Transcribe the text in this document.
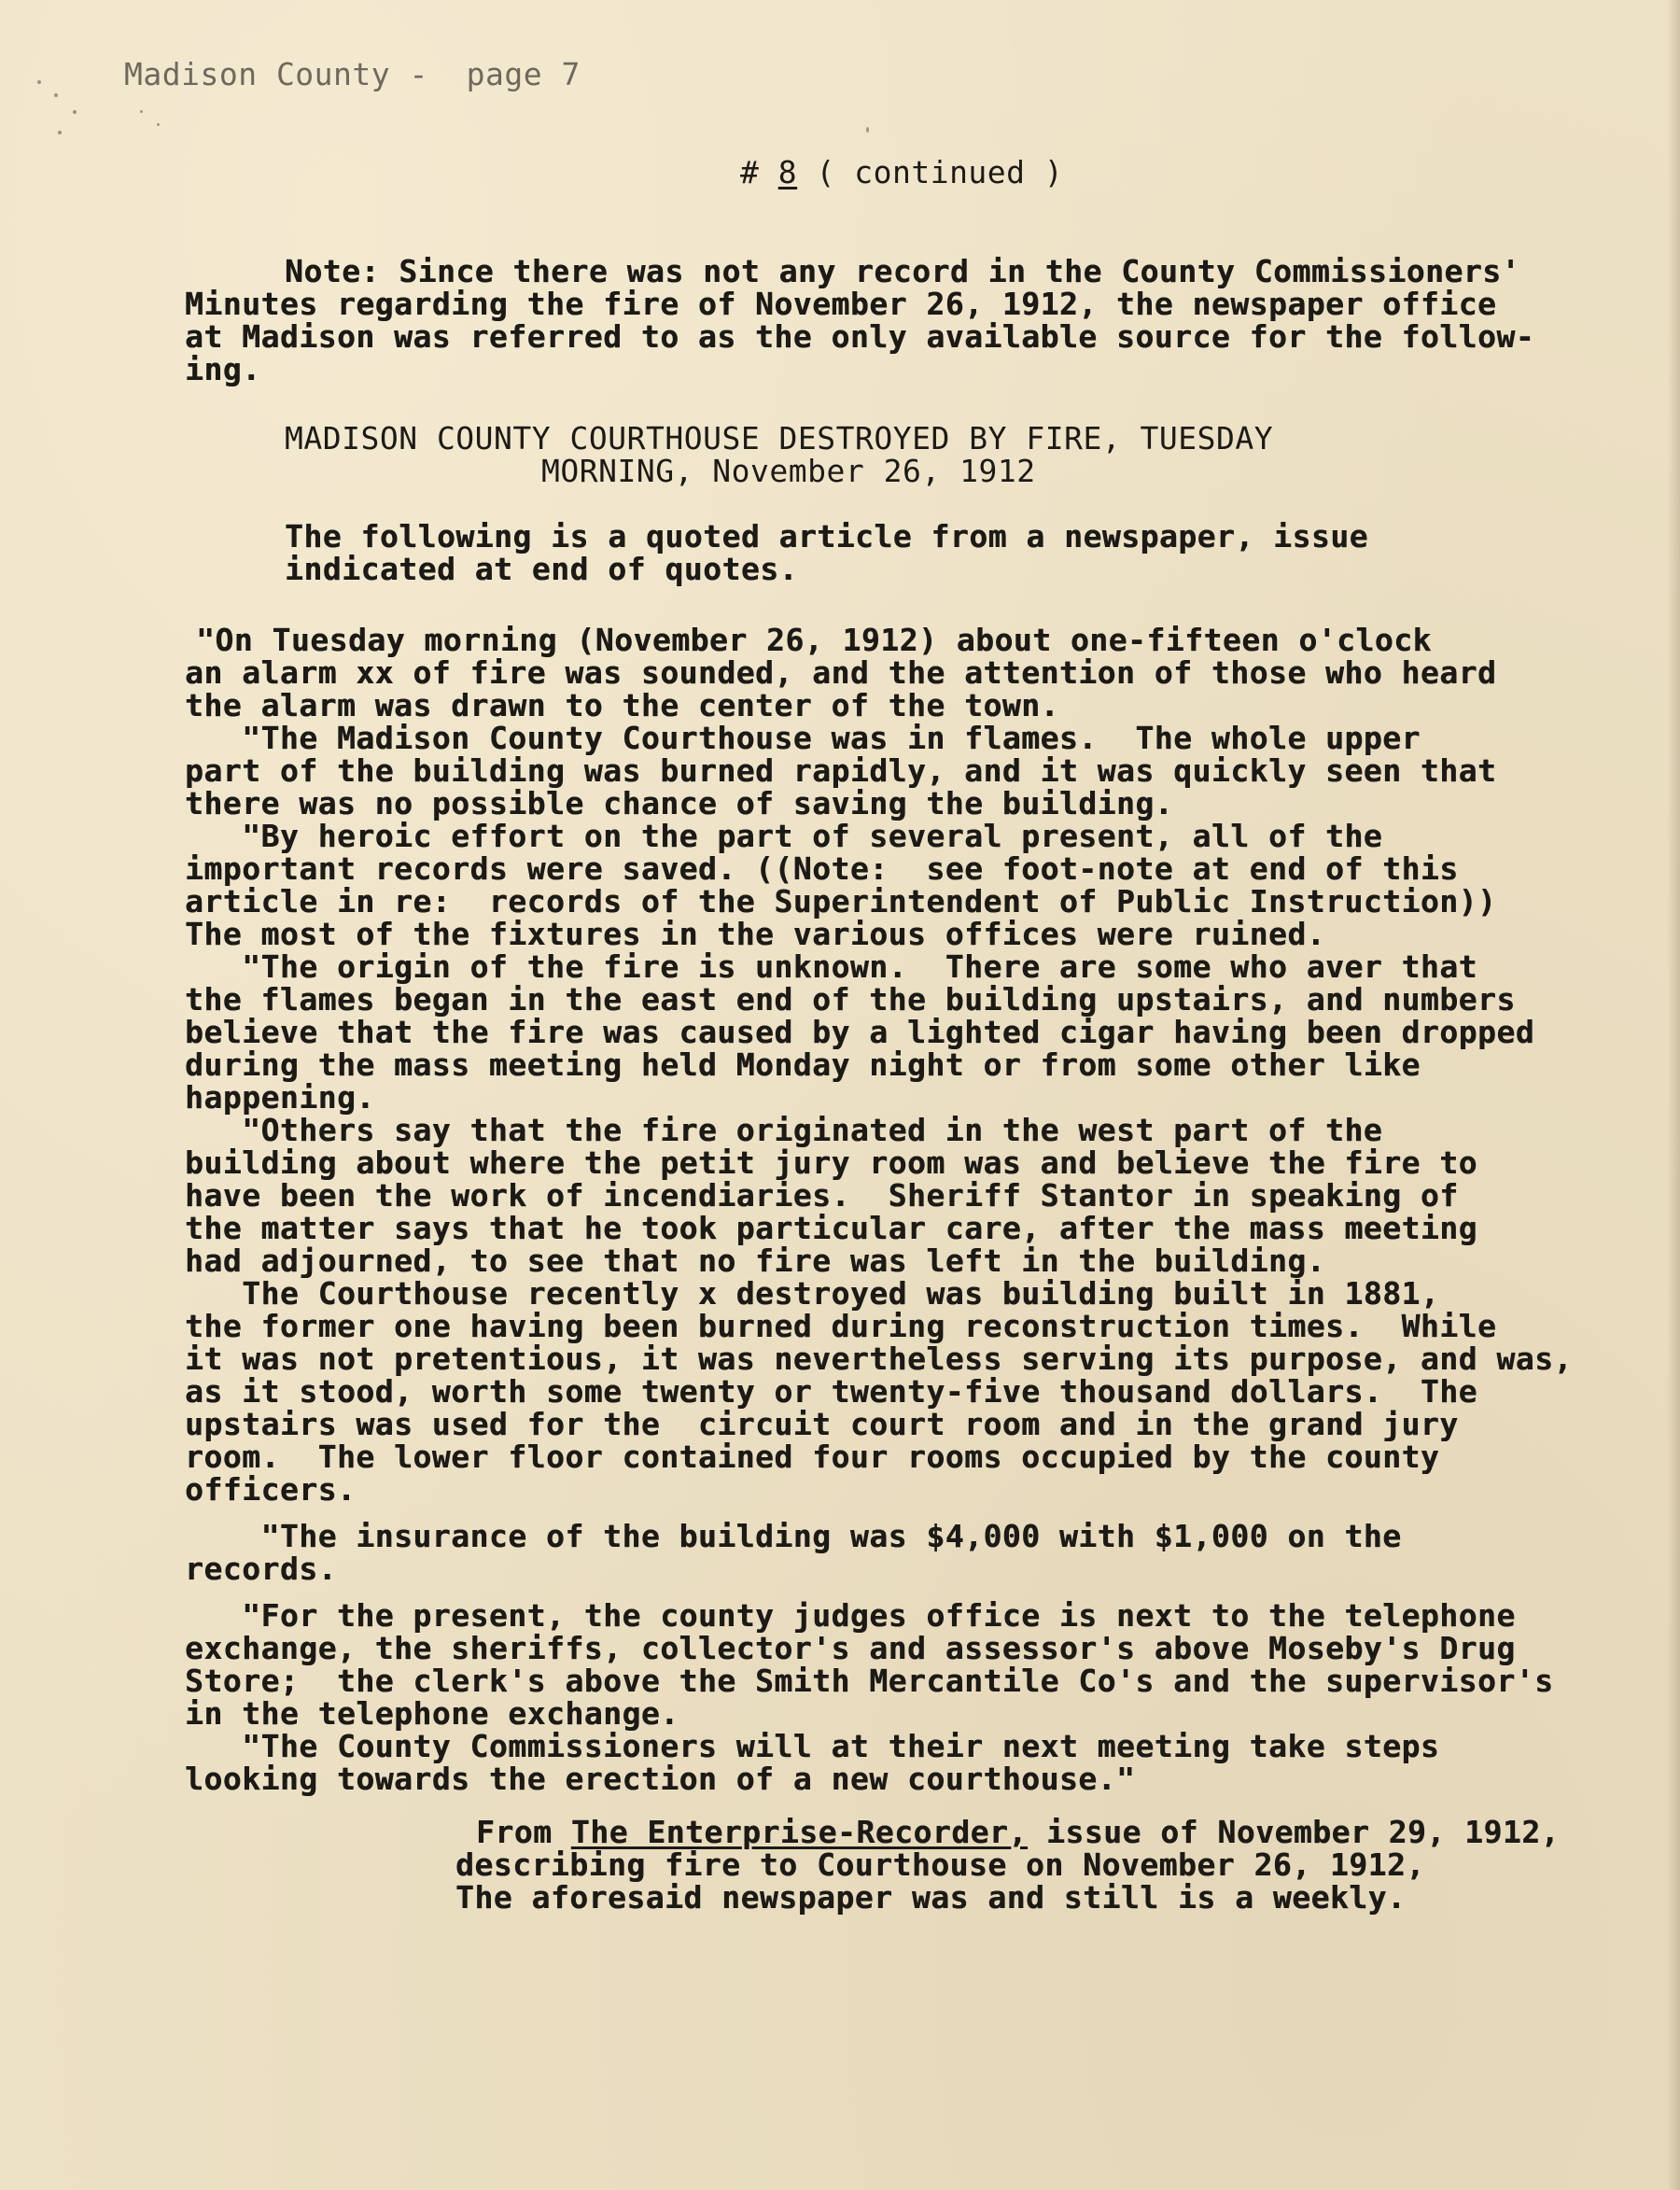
Madison County -  page 7
# 8 ( continued )
Note: Since there was not any record in the County Commissioners'
Minutes regarding the fire of November 26, 1912, the newspaper office
at Madison was referred to as the only available source for the follow-
ing.
MADISON COUNTY COURTHOUSE DESTROYED BY FIRE, TUESDAY
MORNING, November 26, 1912
The following is a quoted article from a newspaper, issue
indicated at end of quotes.
"On Tuesday morning (November 26, 1912) about one-fifteen o'clock
an alarm xx of fire was sounded, and the attention of those who heard
the alarm was drawn to the center of the town.
"The Madison County Courthouse was in flames.  The whole upper
part of the building was burned rapidly, and it was quickly seen that
there was no possible chance of saving the building.
"By heroic effort on the part of several present, all of the
important records were saved. ((Note:  see foot-note at end of this
article in re:  records of the Superintendent of Public Instruction))
The most of the fixtures in the various offices were ruined.
"The origin of the fire is unknown.  There are some who aver that
the flames began in the east end of the building upstairs, and numbers
believe that the fire was caused by a lighted cigar having been dropped
during the mass meeting held Monday night or from some other like
happening.
"Others say that the fire originated in the west part of the
building about where the petit jury room was and believe the fire to
have been the work of incendiaries.  Sheriff Stantor in speaking of
the matter says that he took particular care, after the mass meeting
had adjourned, to see that no fire was left in the building.
The Courthouse recently x destroyed was building built in 1881,
the former one having been burned during reconstruction times.  While
it was not pretentious, it was nevertheless serving its purpose, and was,
as it stood, worth some twenty or twenty-five thousand dollars.  The
upstairs was used for the  circuit court room and in the grand jury
room.  The lower floor contained four rooms occupied by the county
officers.
"The insurance of the building was $4,000 with $1,000 on the
records.
"For the present, the county judges office is next to the telephone
exchange, the sheriffs, collector's and assessor's above Moseby's Drug
Store;  the clerk's above the Smith Mercantile Co's and the supervisor's
in the telephone exchange.
"The County Commissioners will at their next meeting take steps
looking towards the erection of a new courthouse."
From The Enterprise-Recorder, issue of November 29, 1912,
describing fire to Courthouse on November 26, 1912,
The aforesaid newspaper was and still is a weekly.
